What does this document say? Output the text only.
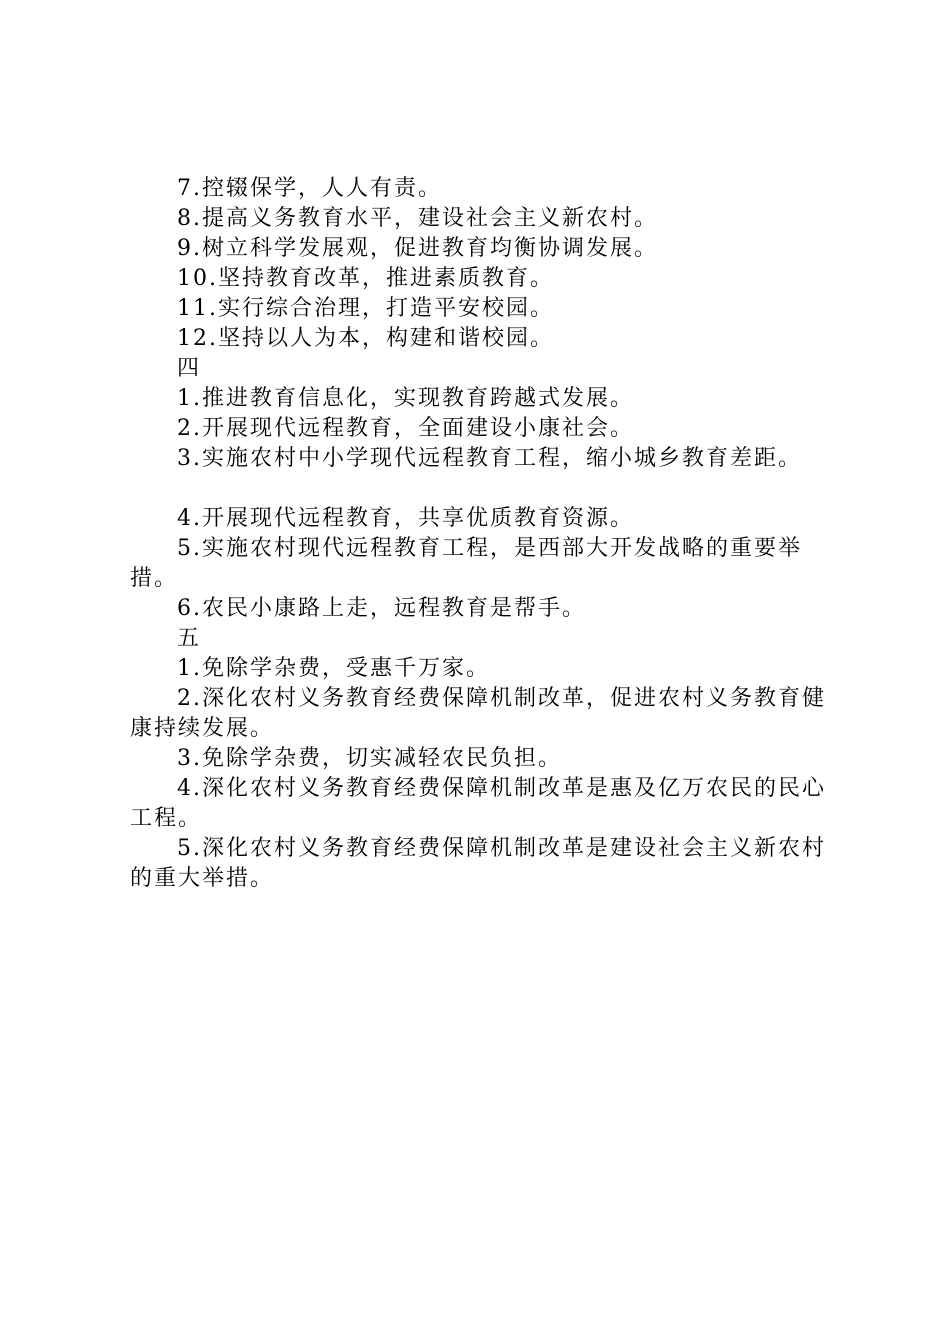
7.控辍保学，人人有责。
8.提高义务教育水平，建设社会主义新农村。
9.树立科学发展观，促进教育均衡协调发展。
10.坚持教育改革，推进素质教育。
11.实行综合治理，打造平安校园。
12.坚持以人为本，构建和谐校园。
四
1.推进教育信息化，实现教育跨越式发展。
2.开展现代远程教育，全面建设小康社会。
3.实施农村中小学现代远程教育工程，缩小城乡教育差距。
4.开展现代远程教育，共享优质教育资源。
5.实施农村现代远程教育工程，是西部大开发战略的重要举措。
6.农民小康路上走，远程教育是帮手。
五
1.免除学杂费，受惠千万家。
2.深化农村义务教育经费保障机制改革，促进农村义务教育健康持续发展。
3.免除学杂费，切实减轻农民负担。
4.深化农村义务教育经费保障机制改革是惠及亿万农民的民心工程。
5.深化农村义务教育经费保障机制改革是建设社会主义新农村的重大举措。
